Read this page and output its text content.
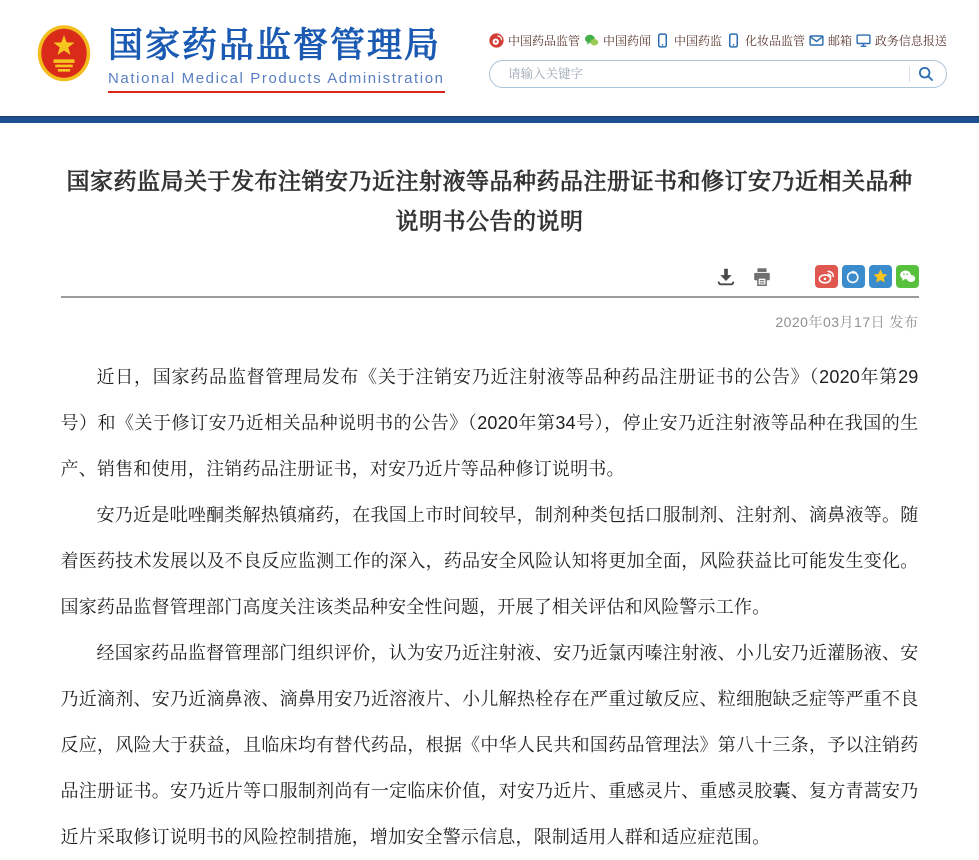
国家药品监督管理局
National Medical Products Administration
中国药品监管 中国药闻 中国药监 化妆品监管 邮箱 政务信息报送
请输入关键字
国家药监局关于发布注销安乃近注射液等品种药品注册证书和修订安乃近相关品种说明书公告的说明
2020年03月17日 发布

近日，国家药品监督管理局发布《关于注销安乃近注射液等品种药品注册证书的公告》（2020年第29号）和《关于修订安乃近相关品种说明书的公告》（2020年第34号），停止安乃近注射液等品种在我国的生产、销售和使用，注销药品注册证书，对安乃近片等品种修订说明书。

安乃近是吡唑酮类解热镇痛药，在我国上市时间较早，制剂种类包括口服制剂、注射剂、滴鼻液等。随着医药技术发展以及不良反应监测工作的深入，药品安全风险认知将更加全面，风险获益比可能发生变化。国家药品监督管理部门高度关注该类品种安全性问题，开展了相关评估和风险警示工作。

经国家药品监督管理部门组织评价，认为安乃近注射液、安乃近氯丙嗪注射液、小儿安乃近灌肠液、安乃近滴剂、安乃近滴鼻液、滴鼻用安乃近溶液片、小儿解热栓存在严重过敏反应、粒细胞缺乏症等严重不良反应，风险大于获益，且临床均有替代药品，根据《中华人民共和国药品管理法》第八十三条，予以注销药品注册证书。安乃近片等口服制剂尚有一定临床价值，对安乃近片、重感灵片、重感灵胶囊、复方青蒿安乃近片采取修订说明书的风险控制措施，增加安全警示信息，限制适用人群和适应症范围。
